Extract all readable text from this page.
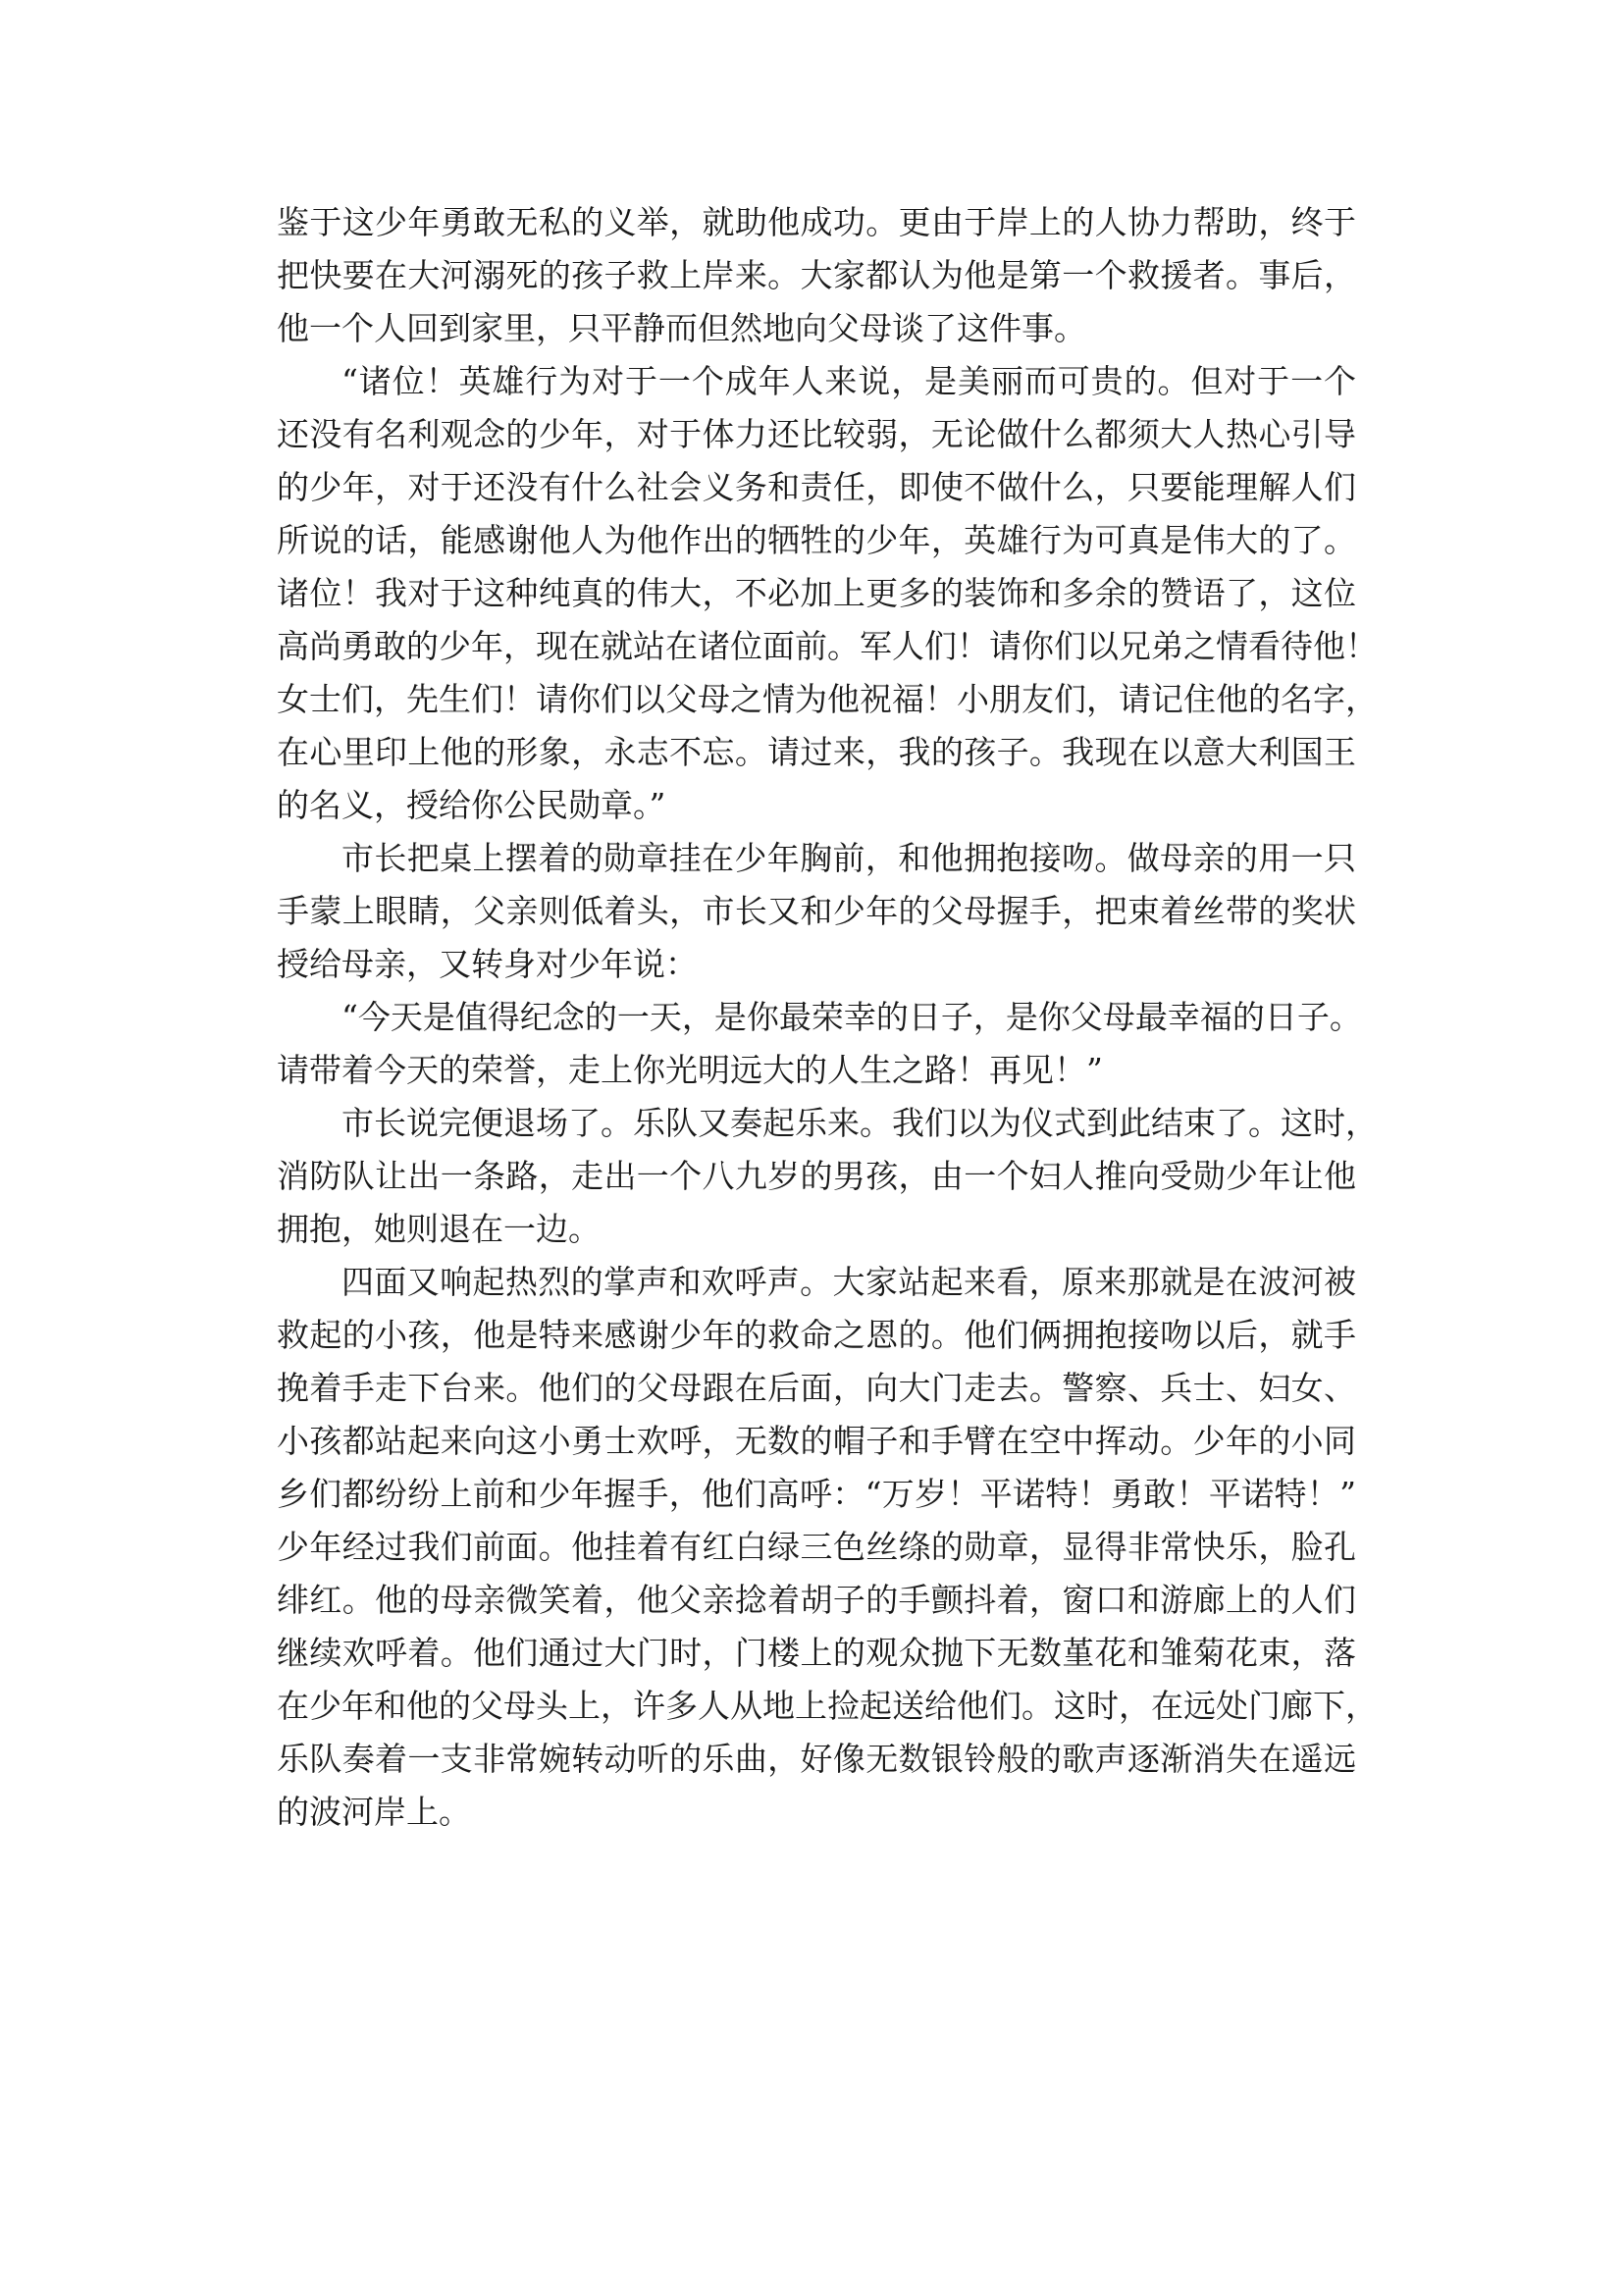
鉴于这少年勇敢无私的义举，就助他成功。更由于岸上的人协力帮助，终于
把快要在大河溺死的孩子救上岸来。大家都认为他是第一个救援者。事后，
他一个人回到家里，只平静而但然地向父母谈了这件事。
“诸位！英雄行为对于一个成年人来说，是美丽而可贵的。但对于一个
还没有名利观念的少年，对于体力还比较弱，无论做什么都须大人热心引导
的少年，对于还没有什么社会义务和责任，即使不做什么，只要能理解人们
所说的话，能感谢他人为他作出的牺牲的少年，英雄行为可真是伟大的了。
诸位！我对于这种纯真的伟大，不必加上更多的装饰和多余的赞语了，这位
高尚勇敢的少年，现在就站在诸位面前。军人们！请你们以兄弟之情看待他！
女士们，先生们！请你们以父母之情为他祝福！小朋友们，请记住他的名字，
在心里印上他的形象，永志不忘。请过来，我的孩子。我现在以意大利国王
的名义，授给你公民勋章。”
市长把桌上摆着的勋章挂在少年胸前，和他拥抱接吻。做母亲的用一只
手蒙上眼睛，父亲则低着头，市长又和少年的父母握手，把束着丝带的奖状
授给母亲，又转身对少年说：
“今天是值得纪念的一天，是你最荣幸的日子，是你父母最幸福的日子。
请带着今天的荣誉，走上你光明远大的人生之路！再见！”
市长说完便退场了。乐队又奏起乐来。我们以为仪式到此结束了。这时，
消防队让出一条路，走出一个八九岁的男孩，由一个妇人推向受勋少年让他
拥抱，她则退在一边。
四面又响起热烈的掌声和欢呼声。大家站起来看，原来那就是在波河被
救起的小孩，他是特来感谢少年的救命之恩的。他们俩拥抱接吻以后，就手
挽着手走下台来。他们的父母跟在后面，向大门走去。警察、兵士、妇女、
小孩都站起来向这小勇士欢呼，无数的帽子和手臂在空中挥动。少年的小同
乡们都纷纷上前和少年握手，他们高呼：“万岁！平诺特！勇敢！平诺特！”
少年经过我们前面。他挂着有红白绿三色丝绦的勋章，显得非常快乐，脸孔
绯红。他的母亲微笑着，他父亲捻着胡子的手颤抖着，窗口和游廊上的人们
继续欢呼着。他们通过大门时，门楼上的观众抛下无数堇花和雏菊花束，落
在少年和他的父母头上，许多人从地上捡起送给他们。这时，在远处门廊下，
乐队奏着一支非常婉转动听的乐曲，好像无数银铃般的歌声逐渐消失在遥远
的波河岸上。
